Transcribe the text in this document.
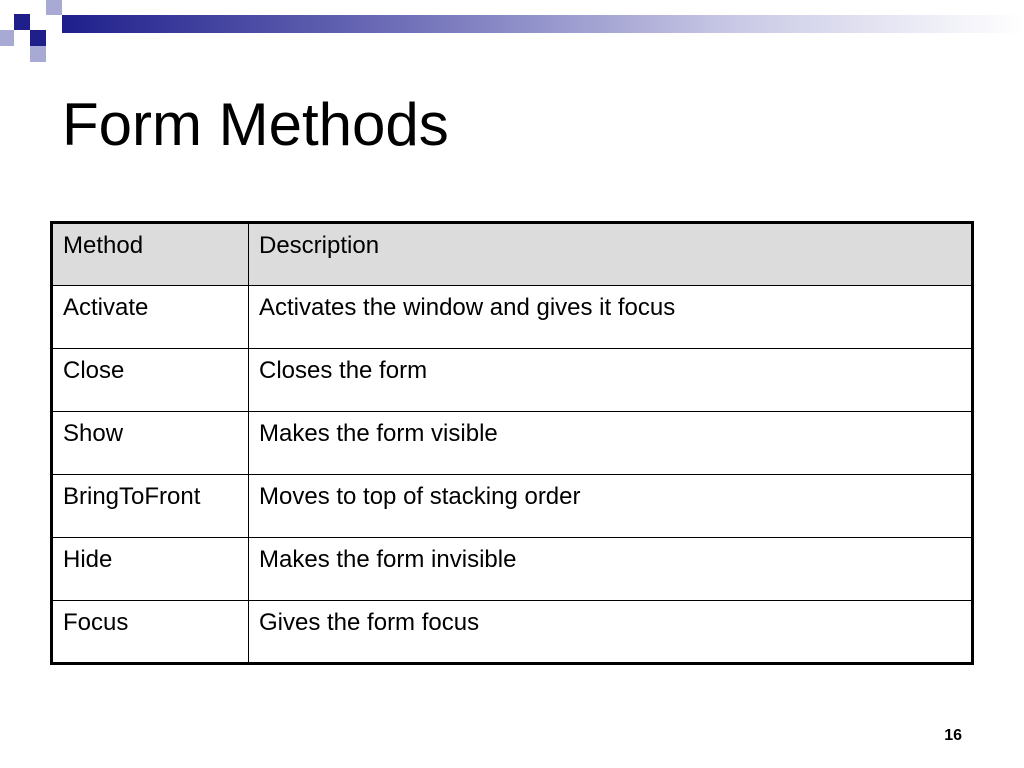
Form Methods
Method	Description
Activate	Activates the window and gives it focus
Close	Closes the form
Show	Makes the form visible
BringToFront	Moves to top of stacking order
Hide	Makes the form invisible
Focus	Gives the form focus
16
